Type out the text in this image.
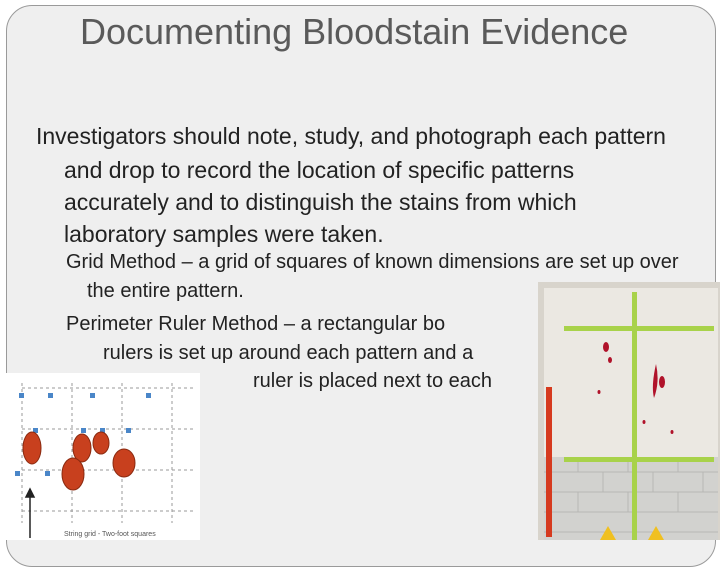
Documenting Bloodstain Evidence
Investigators should note, study, and photograph each pattern and drop to record the location of specific patterns accurately and to distinguish the stains from which laboratory samples were taken.
Grid Method – a grid of squares of known dimensions are set up over the entire pattern.
Perimeter Ruler Method – a rectangular bo
rulers is set up around each pattern and a
ruler is placed next to each
String grid - Two-foot squares
